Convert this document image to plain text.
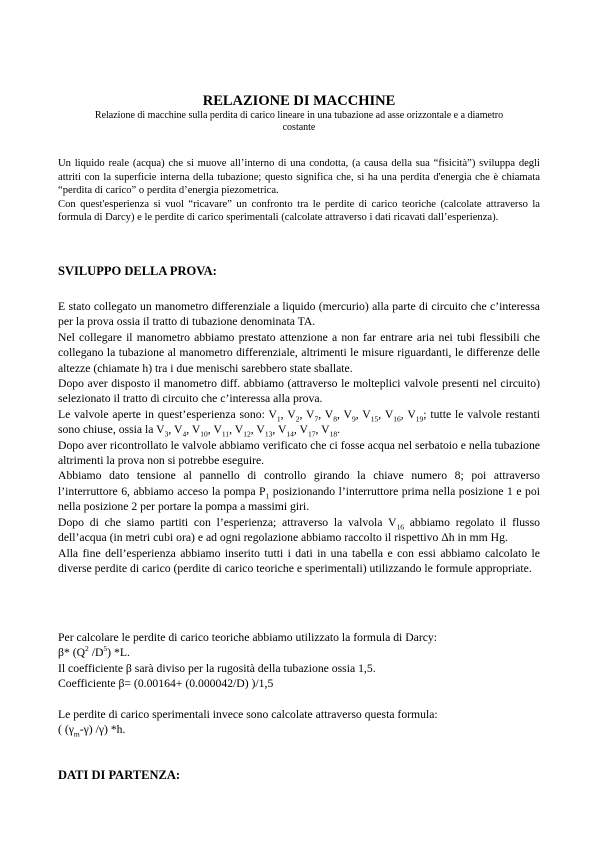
RELAZIONE DI MACCHINE

Relazione di macchine sulla perdita di carico lineare in una tubazione ad asse orizzontale e a diametro costante

Un liquido reale (acqua) che si muove all’interno di una condotta, (a causa della sua “fisicità”) sviluppa degli attriti con la superficie interna della tubazione; questo significa che, si ha una perdita d'energia che è chiamata “perdita di carico” o perdita d’energia piezometrica.

Con quest'esperienza si vuol “ricavare” un confronto tra le perdite di carico teoriche (calcolate attraverso la formula di Darcy) e le perdite di carico sperimentali (calcolate attraverso i dati ricavati dall’esperienza).

SVILUPPO DELLA PROVA:

E stato collegato un manometro differenziale a liquido (mercurio) alla parte di circuito che c’interessa per la prova ossia il tratto di tubazione denominata TA.

Nel collegare il manometro abbiamo prestato attenzione a non far entrare aria nei tubi flessibili che collegano la tubazione al manometro differenziale, altrimenti le misure riguardanti, le differenze delle altezze (chiamate h) tra i due menischi sarebbero state sballate.

Dopo aver disposto il manometro diff. abbiamo (attraverso le molteplici valvole presenti nel circuito) selezionato il tratto di circuito che c’interessa alla prova.

Le valvole aperte in quest’esperienza sono: $V_1$, $V_2$, $V_7$, $V_8$, $V_9$, $V_{15}$, $V_{16}$, $V_{19}$; tutte le valvole restanti sono chiuse, ossia la $V_3$, $V_4$, $V_{10}$, $V_{11}$, $V_{12}$, $V_{13}$, $V_{14}$, $V_{17}$, $V_{18}$.

Dopo aver ricontrollato le valvole abbiamo verificato che ci fosse acqua nel serbatoio e nella tubazione altrimenti la prova non si potrebbe eseguire.

Abbiamo dato tensione al pannello di controllo girando la chiave numero 8; poi attraverso l’interruttore 6, abbiamo acceso la pompa $P_1$ posizionando l’interruttore prima nella posizione 1 e poi nella posizione 2 per portare la pompa a massimi giri.

Dopo di che siamo partiti con l’esperienza; attraverso la valvola $V_{16}$ abbiamo regolato il flusso dell’acqua (in metri cubi ora) e ad ogni regolazione abbiamo raccolto il rispettivo Δh in mm Hg.

Alla fine dell’esperienza abbiamo inserito tutti i dati in una tabella e con essi abbiamo calcolato le diverse perdite di carico (perdite di carico teoriche e sperimentali) utilizzando le formule appropriate.

Per calcolare le perdite di carico teoriche abbiamo utilizzato la formula di Darcy:

β* ($Q^2$ $/D^5$) *L.

Il coefficiente β sarà diviso per la rugosità della tubazione ossia 1,5.

Coefficiente β= (0.00164+ (0.000042/D) )/1,5

Le perdite di carico sperimentali invece sono calcolate attraverso questa formula:

( $(\gamma_m-\gamma)$ /γ) *h.

DATI DI PARTENZA:
